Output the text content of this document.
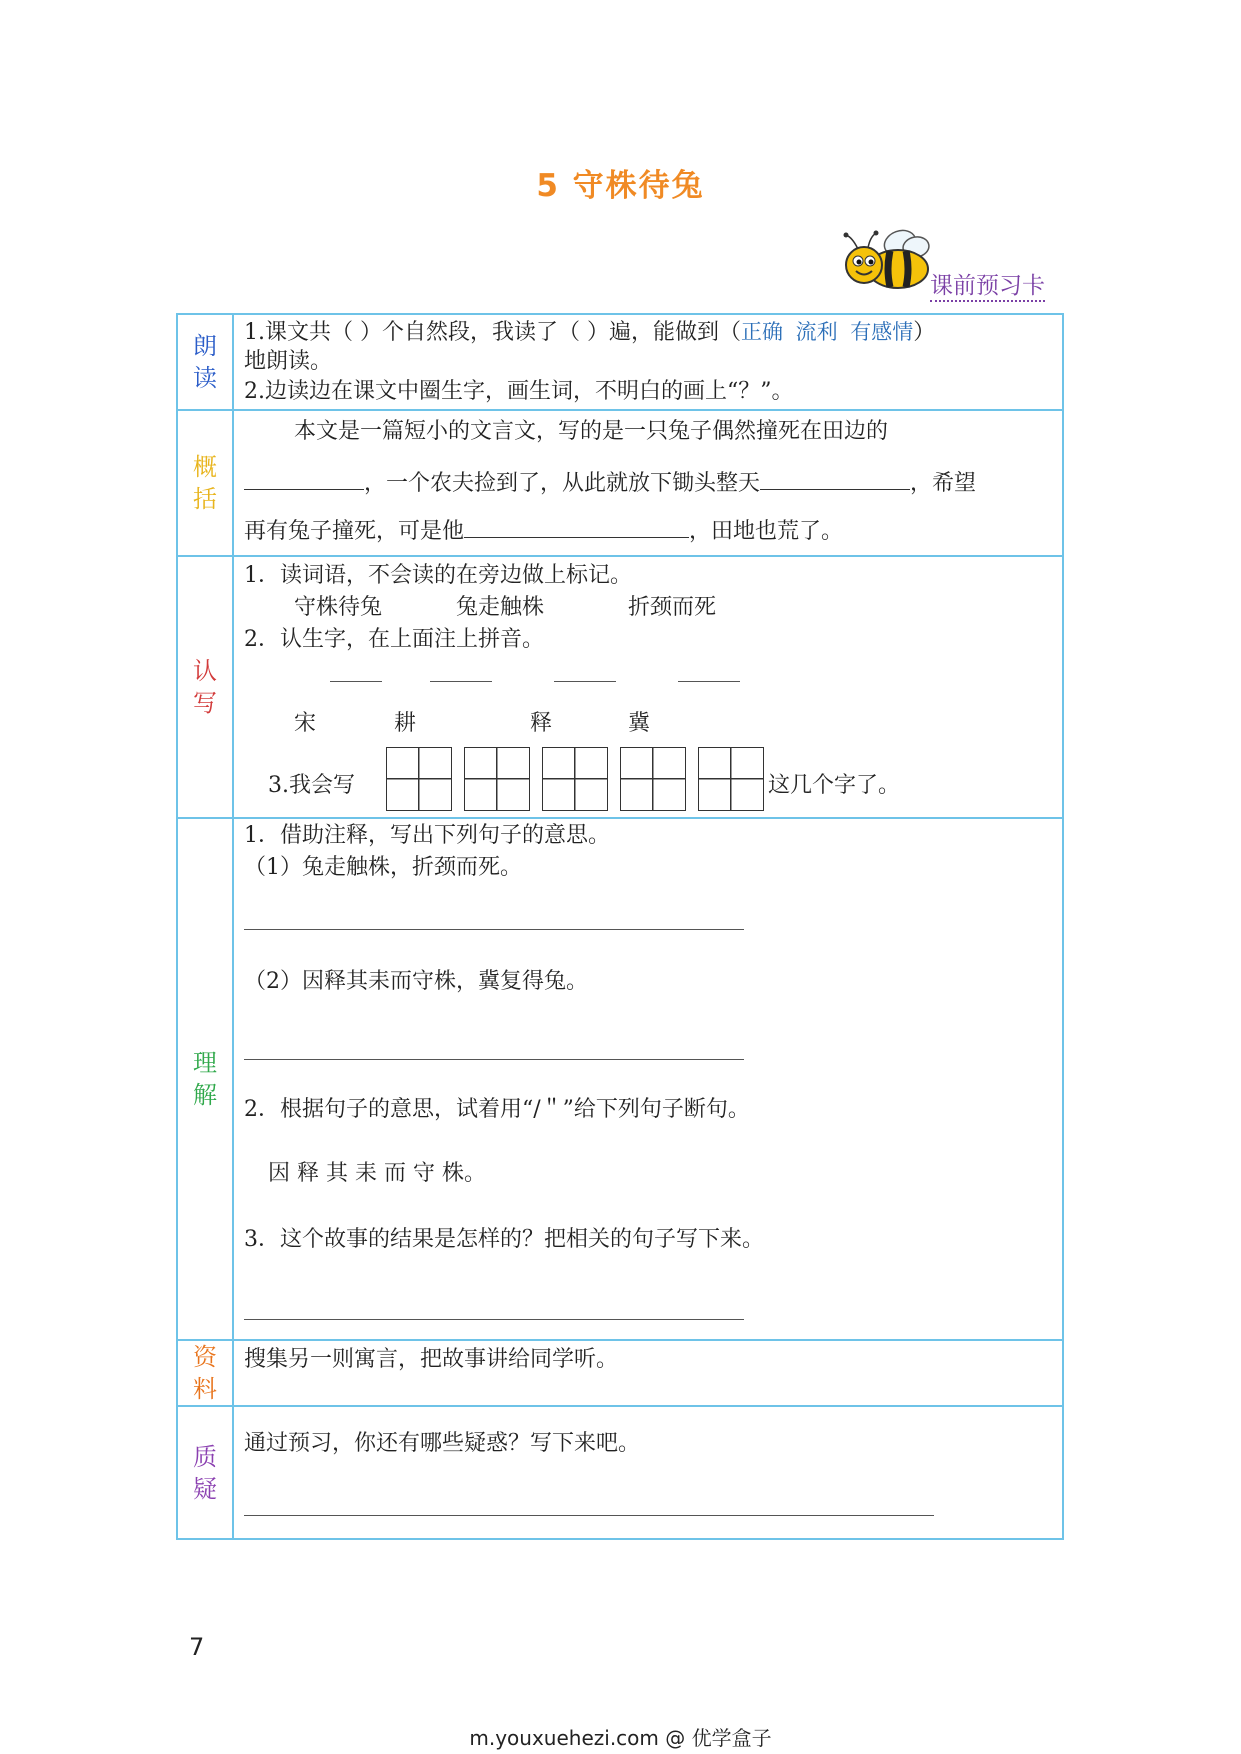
5 守株待兔
课前预习卡
朗
读
1.课文共（ ）个自然段，我读了（ ）遍，能做到（正确 流利 有感情）
地朗读。
2.边读边在课文中圈生字，画生词，不明白的画上“？”。
概
括
本文是一篇短小的文言文，写的是一只兔子偶然撞死在田边的
，一个农夫捡到了，从此就放下锄头整天	，希望
再有兔子撞死，可是他	，田地也荒了。
认
写
1．读词语，不会读的在旁边做上标记。
守株待兔	兔走触株	折颈而死
2．认生字，在上面注上拼音。
宋	耕	释	冀
3.我会写	这几个字了。
理
解
1．借助注释，写出下列句子的意思。
（1）兔走触株，折颈而死。
（2）因释其耒而守株，冀复得兔。
2．根据句子的意思，试着用“/＂”给下列句子断句。
因 释 其 耒 而 守 株。
3．这个故事的结果是怎样的？把相关的句子写下来。
资
料
搜集另一则寓言，把故事讲给同学听。
质
疑
通过预习，你还有哪些疑惑？写下来吧。
7
m.youxuehezi.com @ 优学盒子
